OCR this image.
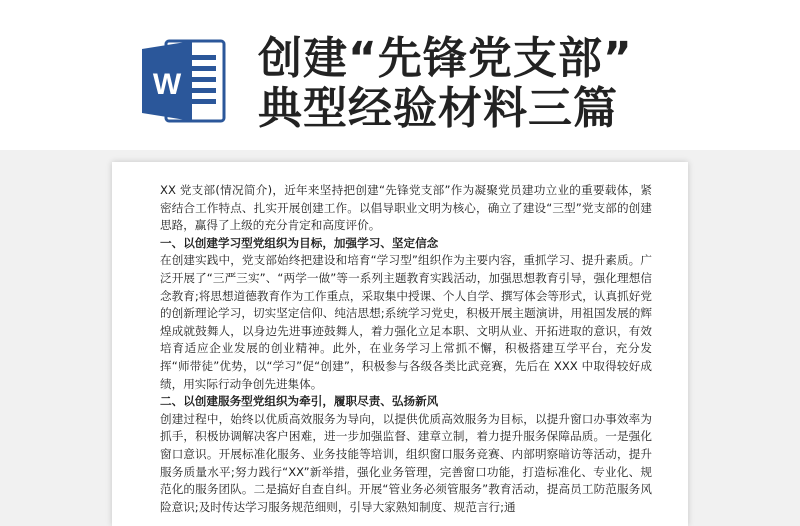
W
创建“先锋党支部”
典型经验材料三篇

XX 党支部(情况简介)，近年来坚持把创建“先锋党支部”作为凝聚党员建功立业的重要载体，紧密结合工作特点、扎实开展创建工作。以倡导职业文明为核心，确立了建设“三型”党支部的创建思路，赢得了上级的充分肯定和高度评价。

一、以创建学习型党组织为目标，加强学习、坚定信念

在创建实践中，党支部始终把建设和培育“学习型”组织作为主要内容，重抓学习、提升素质。广泛开展了“三严三实”、“两学一做”等一系列主题教育实践活动，加强思想教育引导，强化理想信念教育;将思想道德教育作为工作重点，采取集中授课、个人自学、撰写体会等形式，认真抓好党的创新理论学习，切实坚定信仰、纯洁思想;系统学习党史，积极开展主题演讲，用祖国发展的辉煌成就鼓舞人，以身边先进事迹鼓舞人，着力强化立足本职、文明从业、开拓进取的意识，有效培育适应企业发展的创业精神。此外，在业务学习上常抓不懈，积极搭建互学平台，充分发挥“师带徒”优势，以“学习”促“创建”，积极参与各级各类比武竞赛，先后在 XXX 中取得较好成绩，用实际行动争创先进集体。

二、以创建服务型党组织为牵引，履职尽责、弘扬新风

创建过程中，始终以优质高效服务为导向，以提供优质高效服务为目标，以提升窗口办事效率为抓手，积极协调解决客户困难，进一步加强监督、建章立制，着力提升服务保障品质。一是强化窗口意识。开展标准化服务、业务技能等培训，组织窗口服务竞赛、内部明察暗访等活动，提升服务质量水平;努力践行“XX”新举措，强化业务管理，完善窗口功能，打造标准化、专业化、规范化的服务团队。二是搞好自查自纠。开展“管业务必须管服务”教育活动，提高员工防范服务风险意识;及时传达学习服务规范细则，引导大家熟知制度、规范言行;通
